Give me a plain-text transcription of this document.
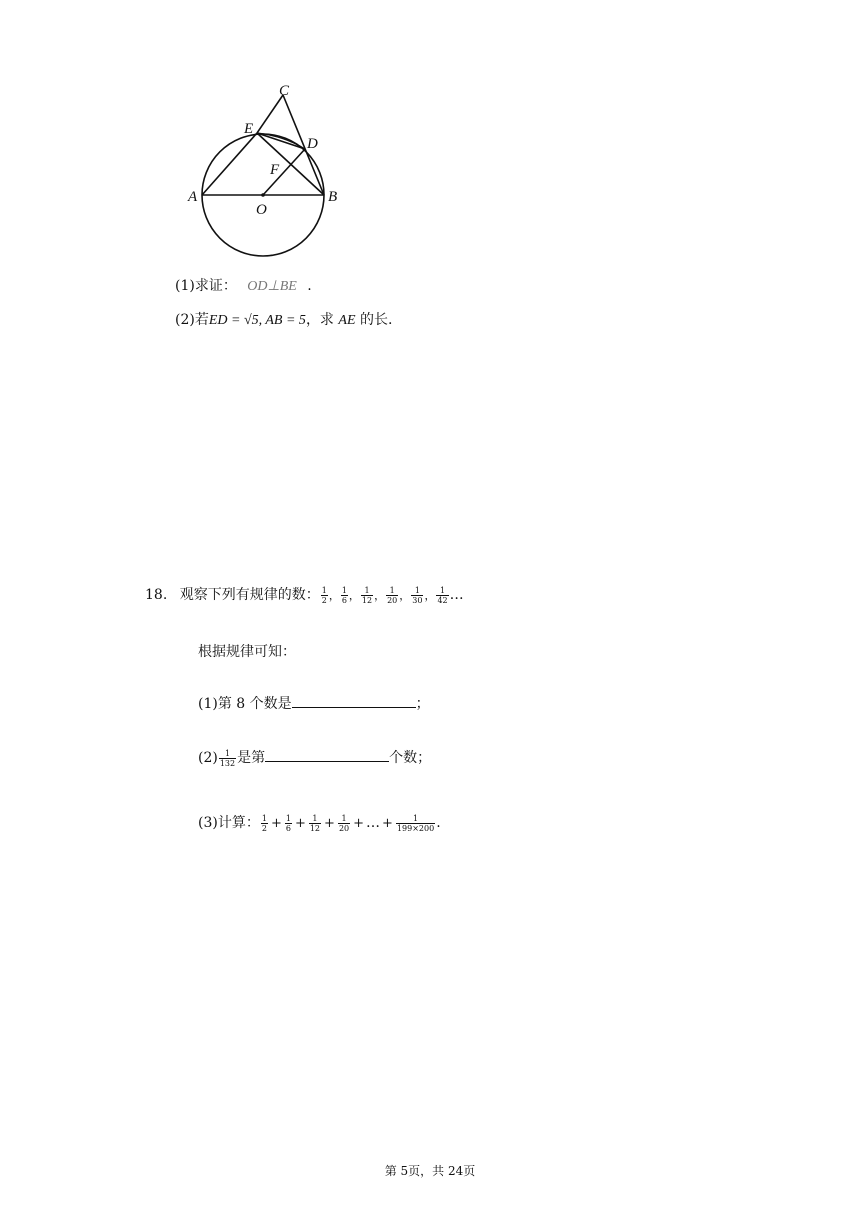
C
E
D
F
A
O
B
(1)求证： OD⊥BE .
(2)若ED = √5, AB = 5，求 AE 的长.
18. 观察下列有规律的数： $\frac{1}{2}$ ， $\frac{1}{6}$ ， $\frac{1}{12}$ ， $\frac{1}{20}$ ， $\frac{1}{30}$ ， $\frac{1}{42}$ …
根据规律可知：
(1)第 8 个数是	；
$(2) \frac{1}{132}$ 是第	个数；
(3)计算： $\frac{1}{2} + \frac{1}{6} + \frac{1}{12} + \frac{1}{20}$ + … + $\frac{1}{199\times 200}$ .
第 5页，共 24页
